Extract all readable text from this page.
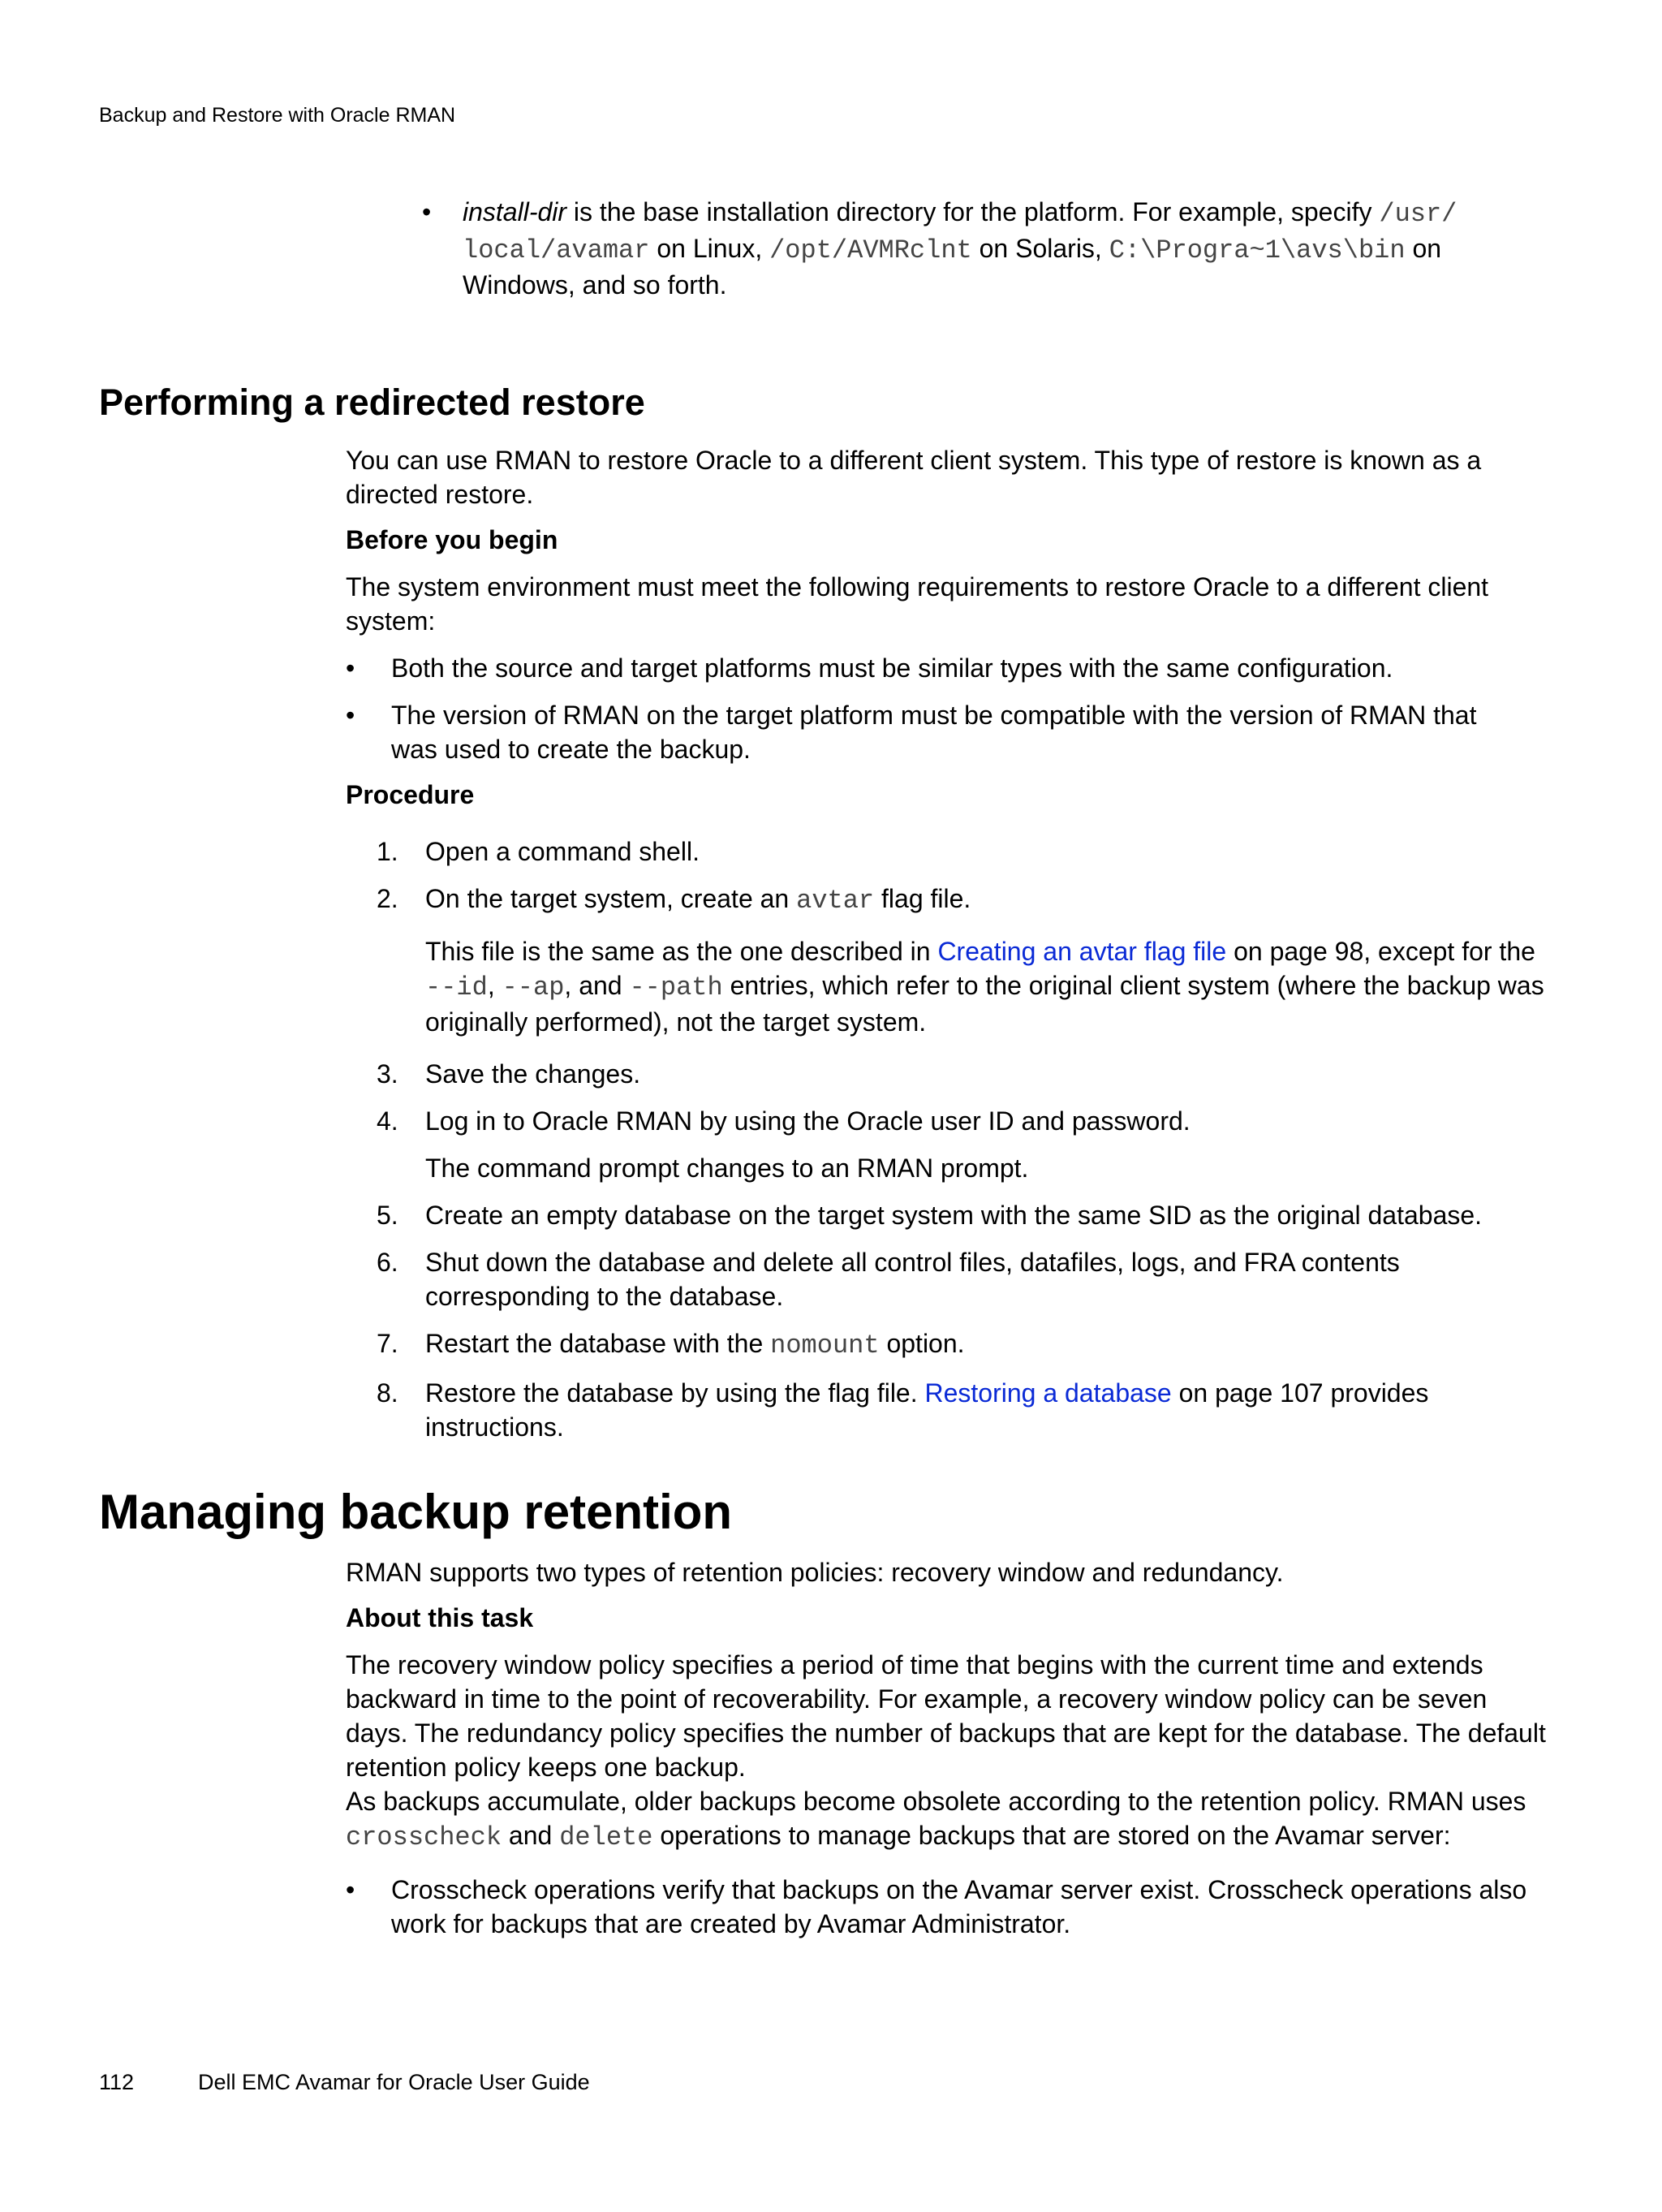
Backup and Restore with Oracle RMAN
• install-dir is the base installation directory for the platform. For example, specify /usr/
local/avamar on Linux, /opt/AVMRclnt on Solaris, C:\Progra~1\avs\bin on
Windows, and so forth.
Performing a redirected restore
You can use RMAN to restore Oracle to a different client system. This type of restore is known as a directed restore.
Before you begin
The system environment must meet the following requirements to restore Oracle to a different client system:
• Both the source and target platforms must be similar types with the same configuration.
• The version of RMAN on the target platform must be compatible with the version of RMAN that was used to create the backup.
Procedure
1.	Open a command shell.
2.	On the target system, create an avtar flag file.
This file is the same as the one described in Creating an avtar flag file on page 98, except for the --id, --ap, and --path entries, which refer to the original client system (where the backup was originally performed), not the target system.
3.	Save the changes.
4.	Log in to Oracle RMAN by using the Oracle user ID and password.
The command prompt changes to an RMAN prompt.
5.	Create an empty database on the target system with the same SID as the original database.
6.	Shut down the database and delete all control files, datafiles, logs, and FRA contents corresponding to the database.
7.	Restart the database with the nomount option.
8.	Restore the database by using the flag file. Restoring a database on page 107 provides instructions.
Managing backup retention
RMAN supports two types of retention policies: recovery window and redundancy.
About this task
The recovery window policy specifies a period of time that begins with the current time and extends backward in time to the point of recoverability. For example, a recovery window policy can be seven days. The redundancy policy specifies the number of backups that are kept for the database. The default retention policy keeps one backup.
As backups accumulate, older backups become obsolete according to the retention policy. RMAN uses crosscheck and delete operations to manage backups that are stored on the Avamar server:
• Crosscheck operations verify that backups on the Avamar server exist. Crosscheck operations also work for backups that are created by Avamar Administrator.
112	Dell EMC Avamar for Oracle User Guide
